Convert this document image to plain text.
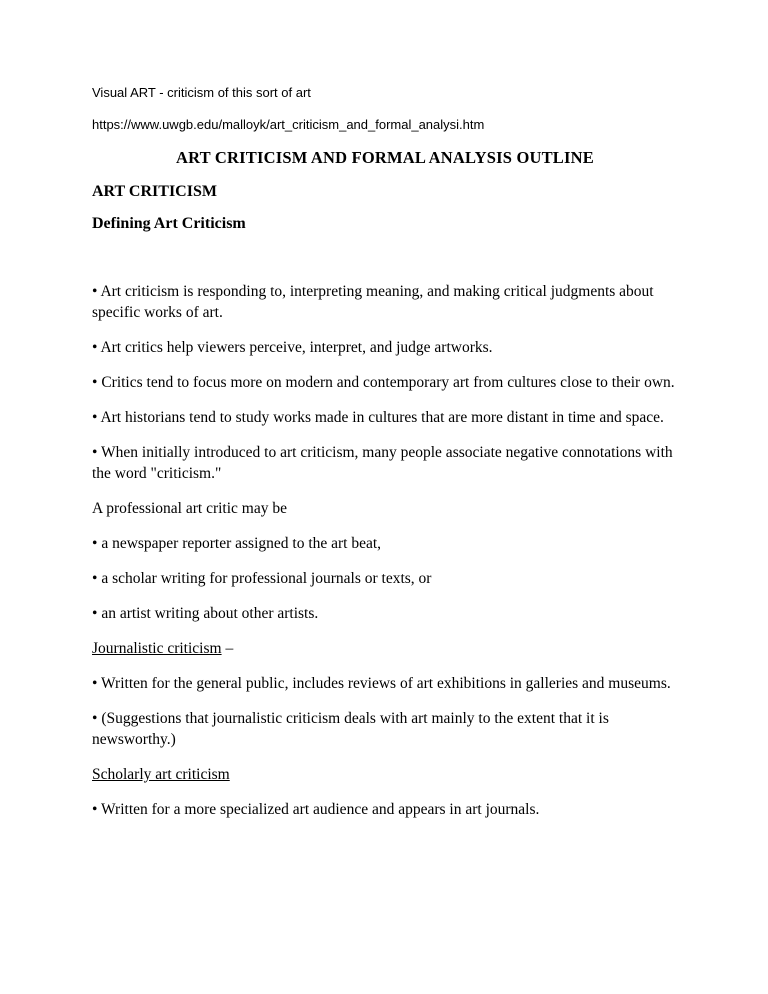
Visual ART - criticism of this sort of art

https://www.uwgb.edu/malloyk/art_criticism_and_formal_analysi.htm

ART CRITICISM AND FORMAL ANALYSIS OUTLINE
ART CRITICISM
Defining Art Criticism

• Art criticism is responding to, interpreting meaning, and making critical judgments about specific works of art.

• Art critics help viewers perceive, interpret, and judge artworks.

• Critics tend to focus more on modern and contemporary art from cultures close to their own.

• Art historians tend to study works made in cultures that are more distant in time and space.

• When initially introduced to art criticism, many people associate negative connotations with the word "criticism."

A professional art critic may be

• a newspaper reporter assigned to the art beat,

• a scholar writing for professional journals or texts, or

• an artist writing about other artists.

Journalistic criticism –

• Written for the general public, includes reviews of art exhibitions in galleries and museums.

• (Suggestions that journalistic criticism deals with art mainly to the extent that it is newsworthy.)

Scholarly art criticism

• Written for a more specialized art audience and appears in art journals.
